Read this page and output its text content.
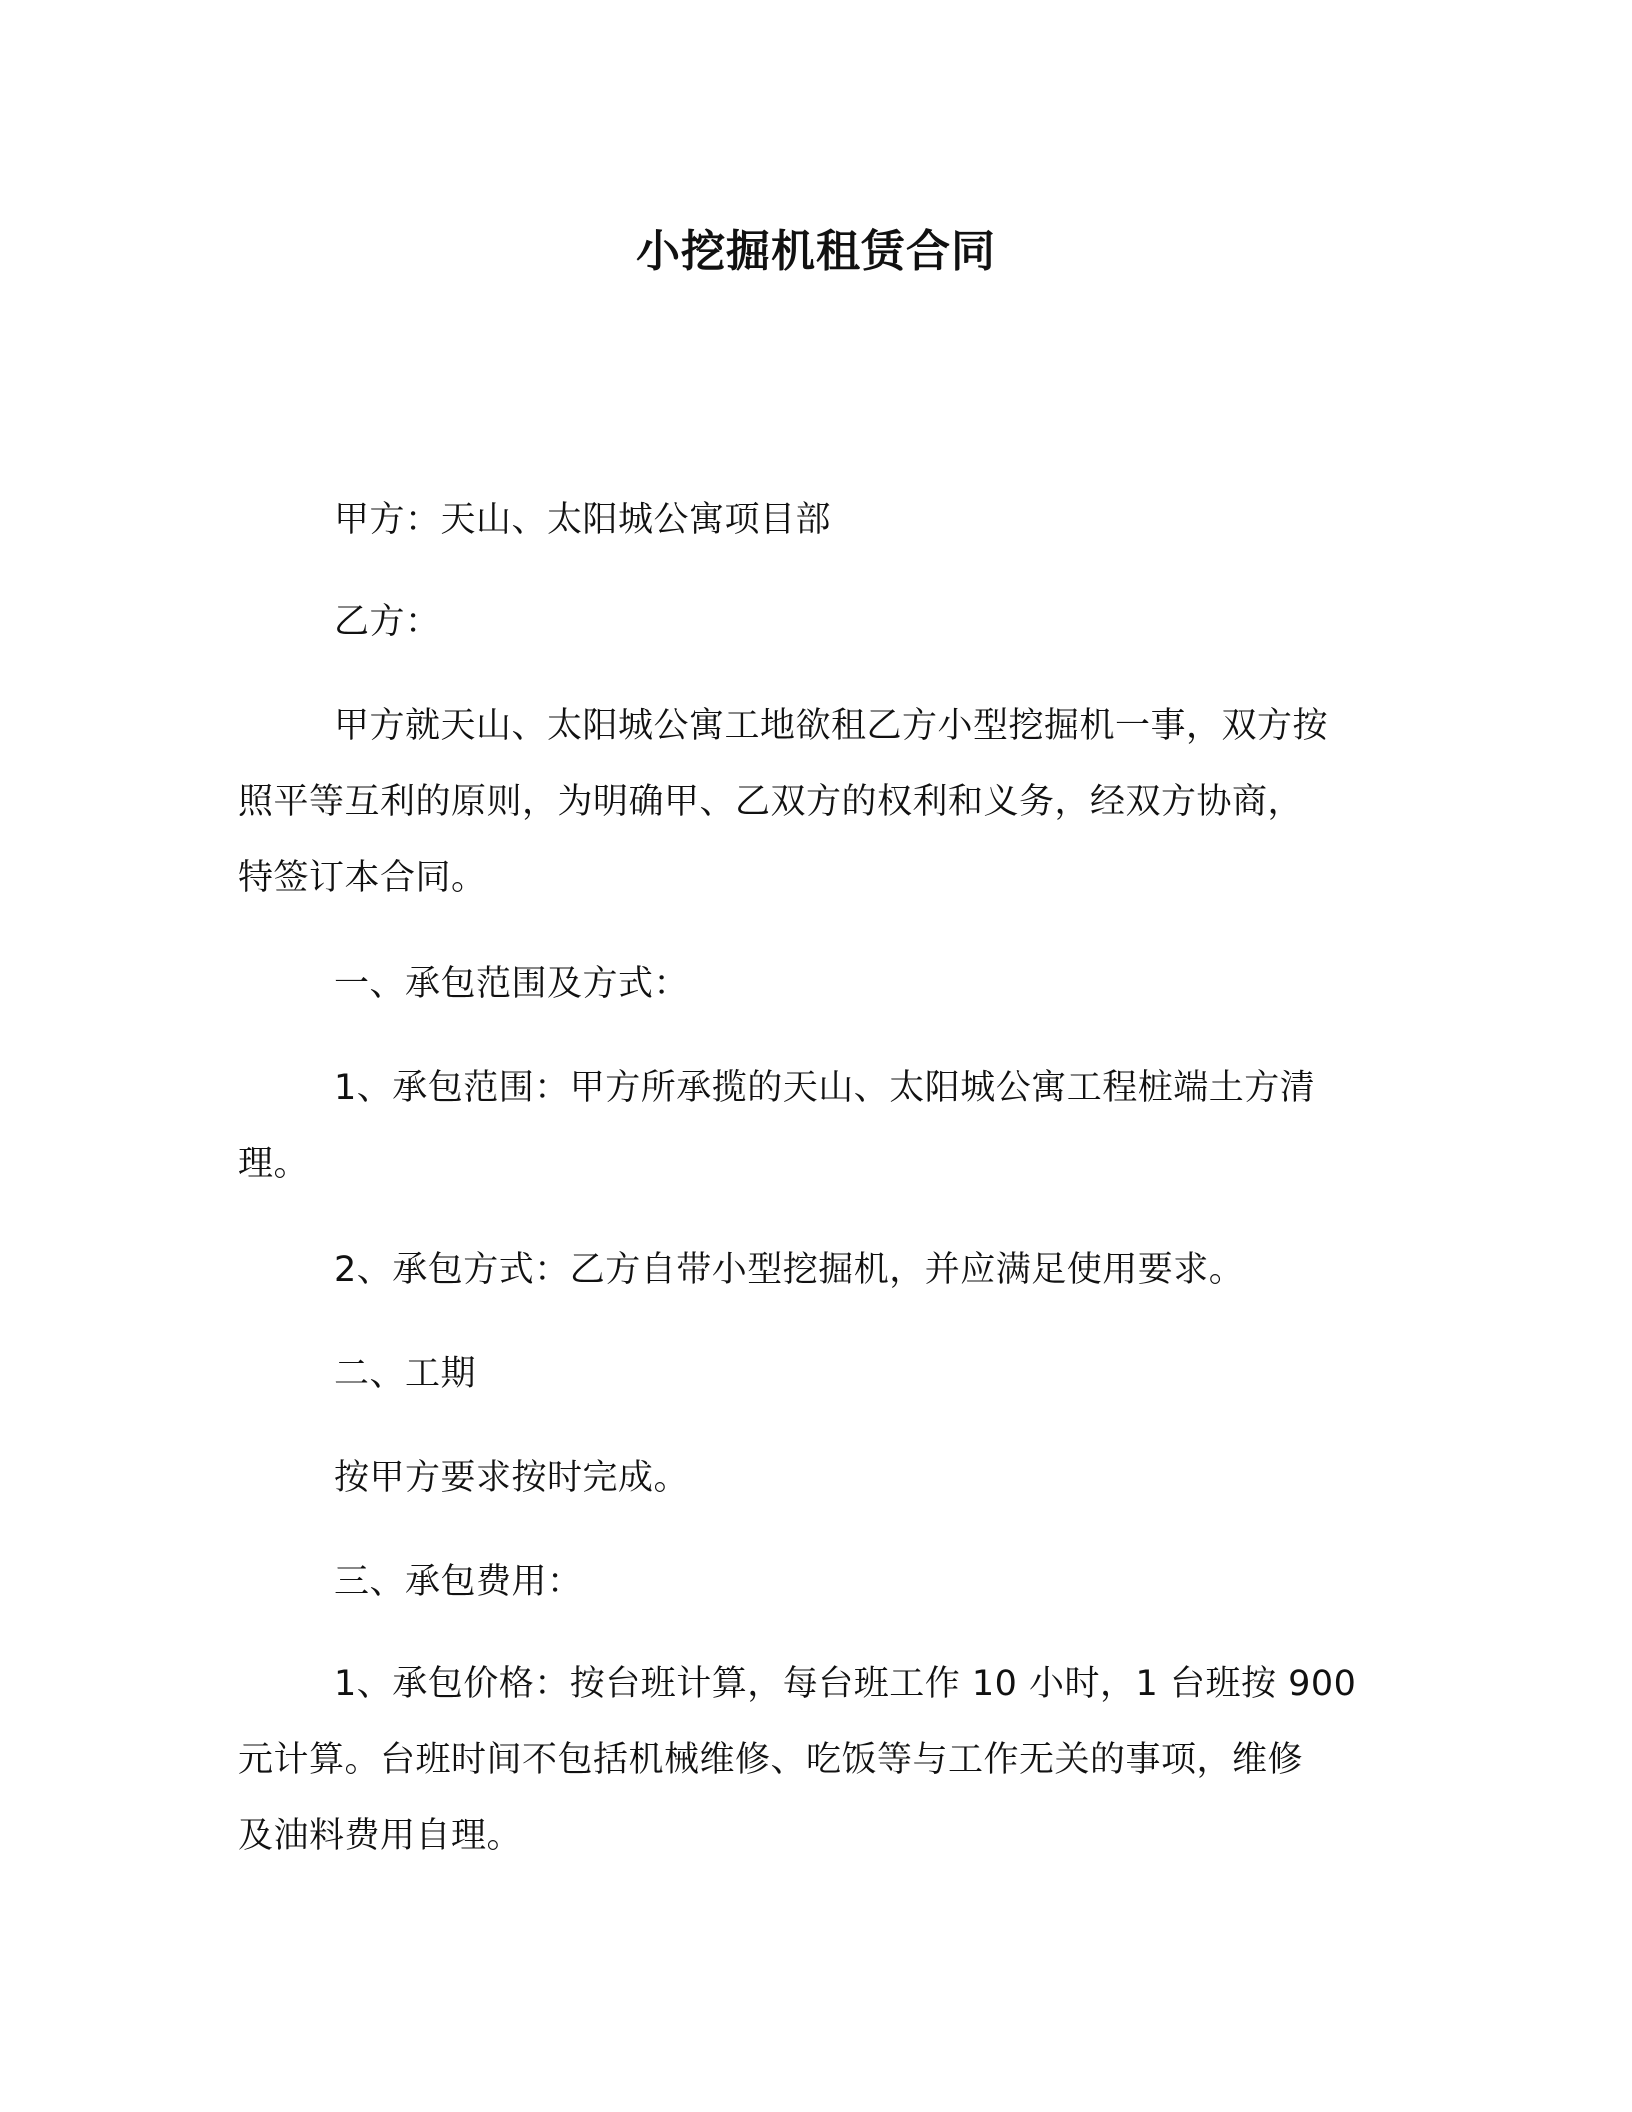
小挖掘机租赁合同
甲方：天山、太阳城公寓项目部
乙方：
甲方就天山、太阳城公寓工地欲租乙方小型挖掘机一事，双方按
照平等互利的原则，为明确甲、乙双方的权利和义务，经双方协商，
特签订本合同。
一、承包范围及方式：
1、承包范围：甲方所承揽的天山、太阳城公寓工程桩端土方清
理。
2、承包方式：乙方自带小型挖掘机，并应满足使用要求。
二、工期
按甲方要求按时完成。
三、承包费用：
1、承包价格：按台班计算，每台班工作 10 小时，1 台班按 900
元计算。台班时间不包括机械维修、吃饭等与工作无关的事项，维修
及油料费用自理。
